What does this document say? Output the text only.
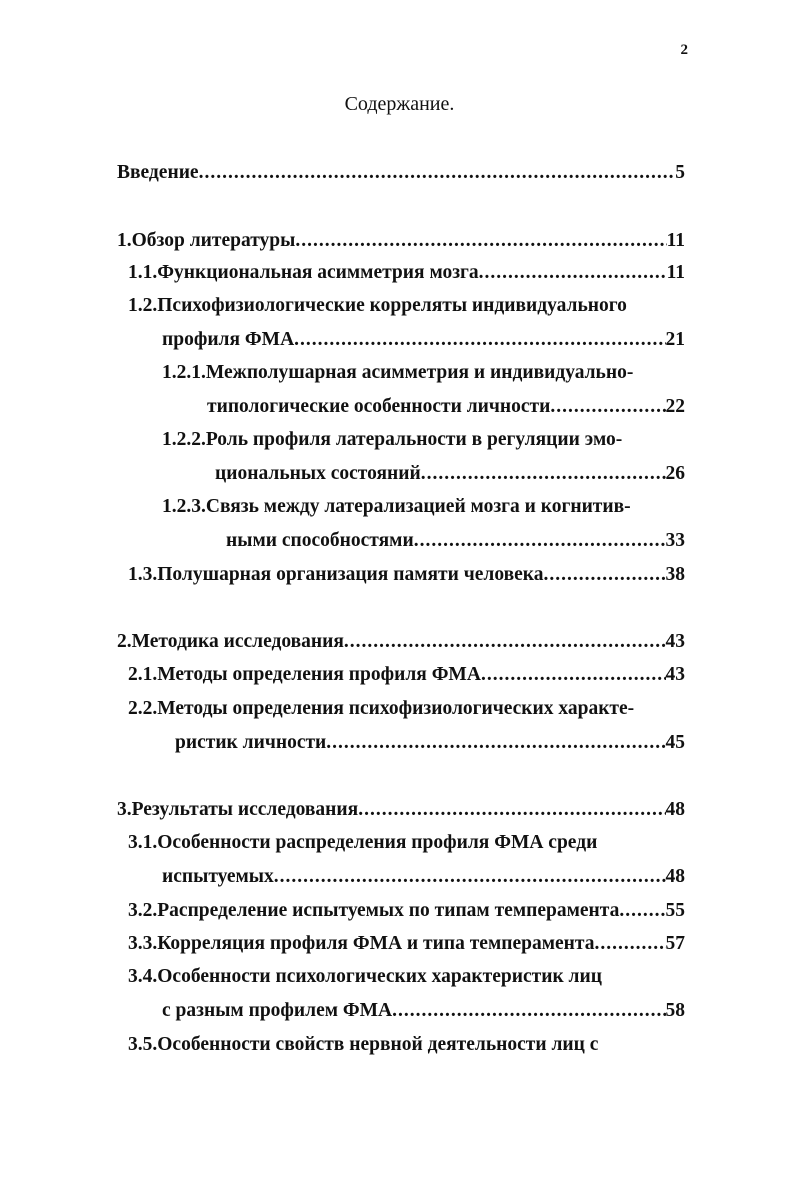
2
Содержание.
Введение .....	5
1.Обзор литературы .....	11
1.1.Функциональная асимметрия мозга .....	11
1.2.Психофизиологические корреляты индивидуального
профиля ФМА .....	21
1.2.1.Межполушарная асимметрия и индивидуально-
типологические особенности личности .....	22
1.2.2.Роль профиля латеральности в регуляции эмо-
циональных состояний .....	26
1.2.3.Связь между латерализацией мозга и когнитив-
ными способностями .....	33
1.3.Полушарная организация памяти человека .....	38
2.Методика исследования .....	43
2.1.Методы определения профиля ФМА .....	43
2.2.Методы определения психофизиологических характе-
ристик личности .....	45
3.Результаты исследования .....	48
3.1.Особенности распределения профиля ФМА среди
испытуемых .....	48
3.2.Распределение испытуемых по типам темперамента ..... 55
3.3.Корреляция профиля ФМА и типа темперамента .....	57
3.4.Особенности психологических характеристик лиц
с разным профилем ФМА .....	58
3.5.Особенности свойств нервной деятельности лиц с
